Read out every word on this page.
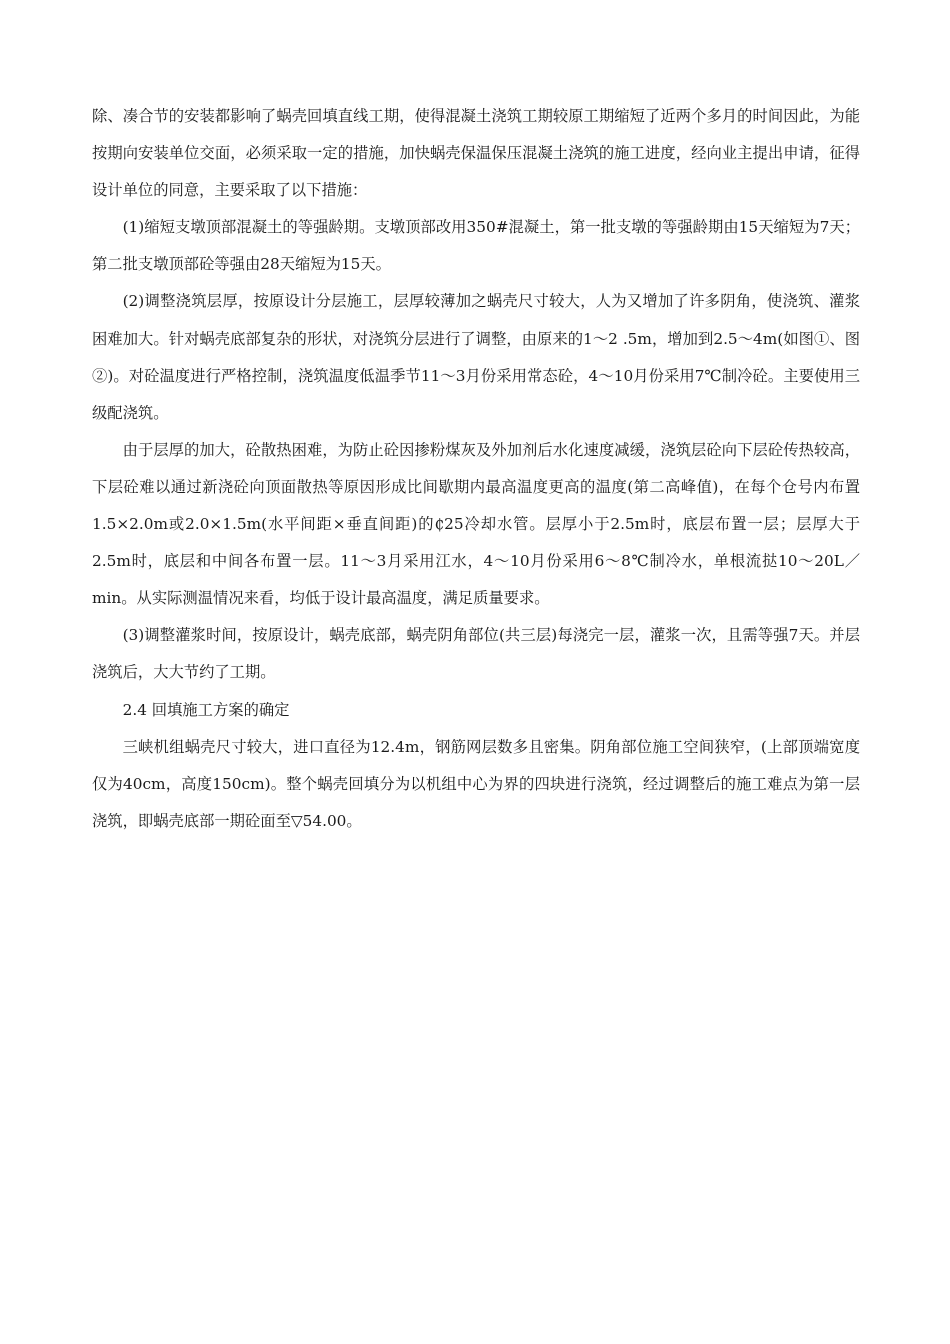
除、凑合节的安装都影响了蜗壳回填直线工期，使得混凝土浇筑工期较原工期缩短了近两个多月的时间因此，为能按期向安装单位交面，必须采取一定的措施，加快蜗壳保温保压混凝土浇筑的施工进度，经向业主提出申请，征得设计单位的同意，主要采取了以下措施：

(1)缩短支墩顶部混凝土的等强龄期。支墩顶部改用350#混凝土，第一批支墩的等强龄期由15天缩短为7天；第二批支墩顶部砼等强由28天缩短为15天。

(2)调整浇筑层厚，按原设计分层施工，层厚较薄加之蜗壳尺寸较大，人为又增加了许多阴角，使浇筑、灌浆困难加大。针对蜗壳底部复杂的形状，对浇筑分层进行了调整，由原来的1～2 .5m，增加到2.5～4m(如图①、图②)。对砼温度进行严格控制，浇筑温度低温季节11～3月份采用常态砼，4～10月份采用7℃制冷砼。主要使用三级配浇筑。

由于层厚的加大，砼散热困难，为防止砼因掺粉煤灰及外加剂后水化速度减缓，浇筑层砼向下层砼传热较高，下层砼难以通过新浇砼向顶面散热等原因形成比间歇期内最高温度更高的温度(第二高峰值)，在每个仓号内布置1.5×2.0m或2.0×1.5m(水平间距×垂直间距)的₵25冷却水管。层厚小于2.5m时，底层布置一层；层厚大于2.5m时，底层和中间各布置一层。11～3月采用江水，4～10月份采用6～8℃制冷水，单根流挞10～20L／min。从实际测温情况来看，均低于设计最高温度，满足质量要求。

(3)调整灌浆时间，按原设计，蜗壳底部，蜗壳阴角部位(共三层)每浇完一层，灌浆一次，且需等强7天。并层浇筑后，大大节约了工期。

2.4 回填施工方案的确定

三峡机组蜗壳尺寸较大，进口直径为12.4m，钢筋网层数多且密集。阴角部位施工空间狭窄，(上部顶端宽度仅为40cm，高度150cm)。整个蜗壳回填分为以机组中心为界的四块进行浇筑，经过调整后的施工难点为第一层浇筑，即蜗壳底部一期砼面至▽54.00。
